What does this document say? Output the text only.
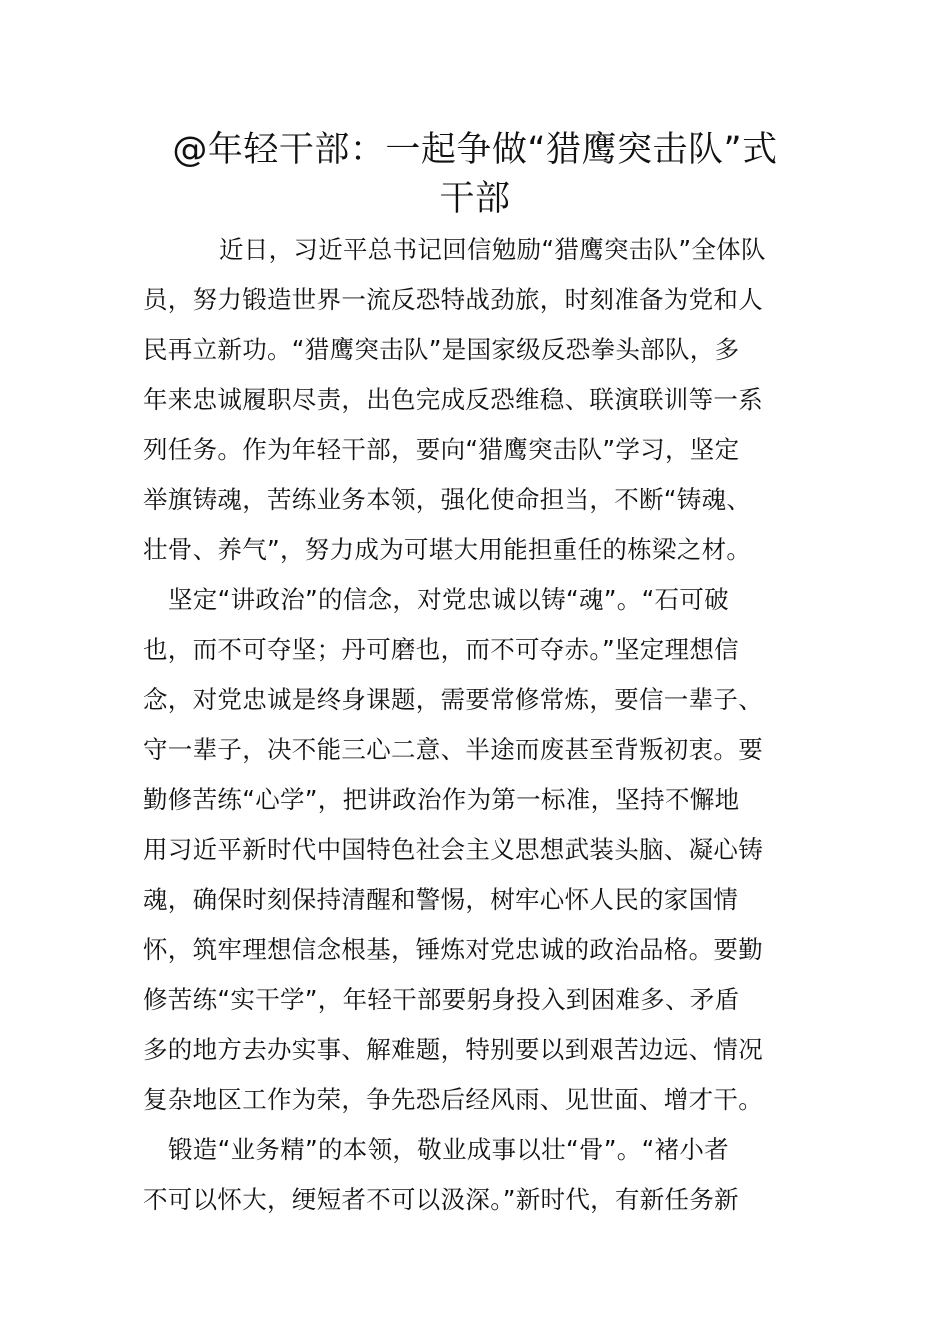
@年轻干部：一起争做“猎鹰突击队”式
干部
近日，习近平总书记回信勉励“猎鹰突击队”全体队
员，努力锻造世界一流反恐特战劲旅，时刻准备为党和人
民再立新功。“猎鹰突击队”是国家级反恐拳头部队，多
年来忠诚履职尽责，出色完成反恐维稳、联演联训等一系
列任务。作为年轻干部，要向“猎鹰突击队”学习，坚定
举旗铸魂，苦练业务本领，强化使命担当，不断“铸魂、
壮骨、养气”，努力成为可堪大用能担重任的栋梁之材。
坚定“讲政治”的信念，对党忠诚以铸“魂”。“石可破
也，而不可夺坚；丹可磨也，而不可夺赤。”坚定理想信
念，对党忠诚是终身课题，需要常修常炼，要信一辈子、
守一辈子，决不能三心二意、半途而废甚至背叛初衷。要
勤修苦练“心学”，把讲政治作为第一标准，坚持不懈地
用习近平新时代中国特色社会主义思想武装头脑、凝心铸
魂，确保时刻保持清醒和警惕，树牢心怀人民的家国情
怀，筑牢理想信念根基，锤炼对党忠诚的政治品格。要勤
修苦练“实干学”，年轻干部要躬身投入到困难多、矛盾
多的地方去办实事、解难题，特别要以到艰苦边远、情况
复杂地区工作为荣，争先恐后经风雨、见世面、增才干。
锻造“业务精”的本领，敬业成事以壮“骨”。“褚小者
不可以怀大，绠短者不可以汲深。”新时代，有新任务新
